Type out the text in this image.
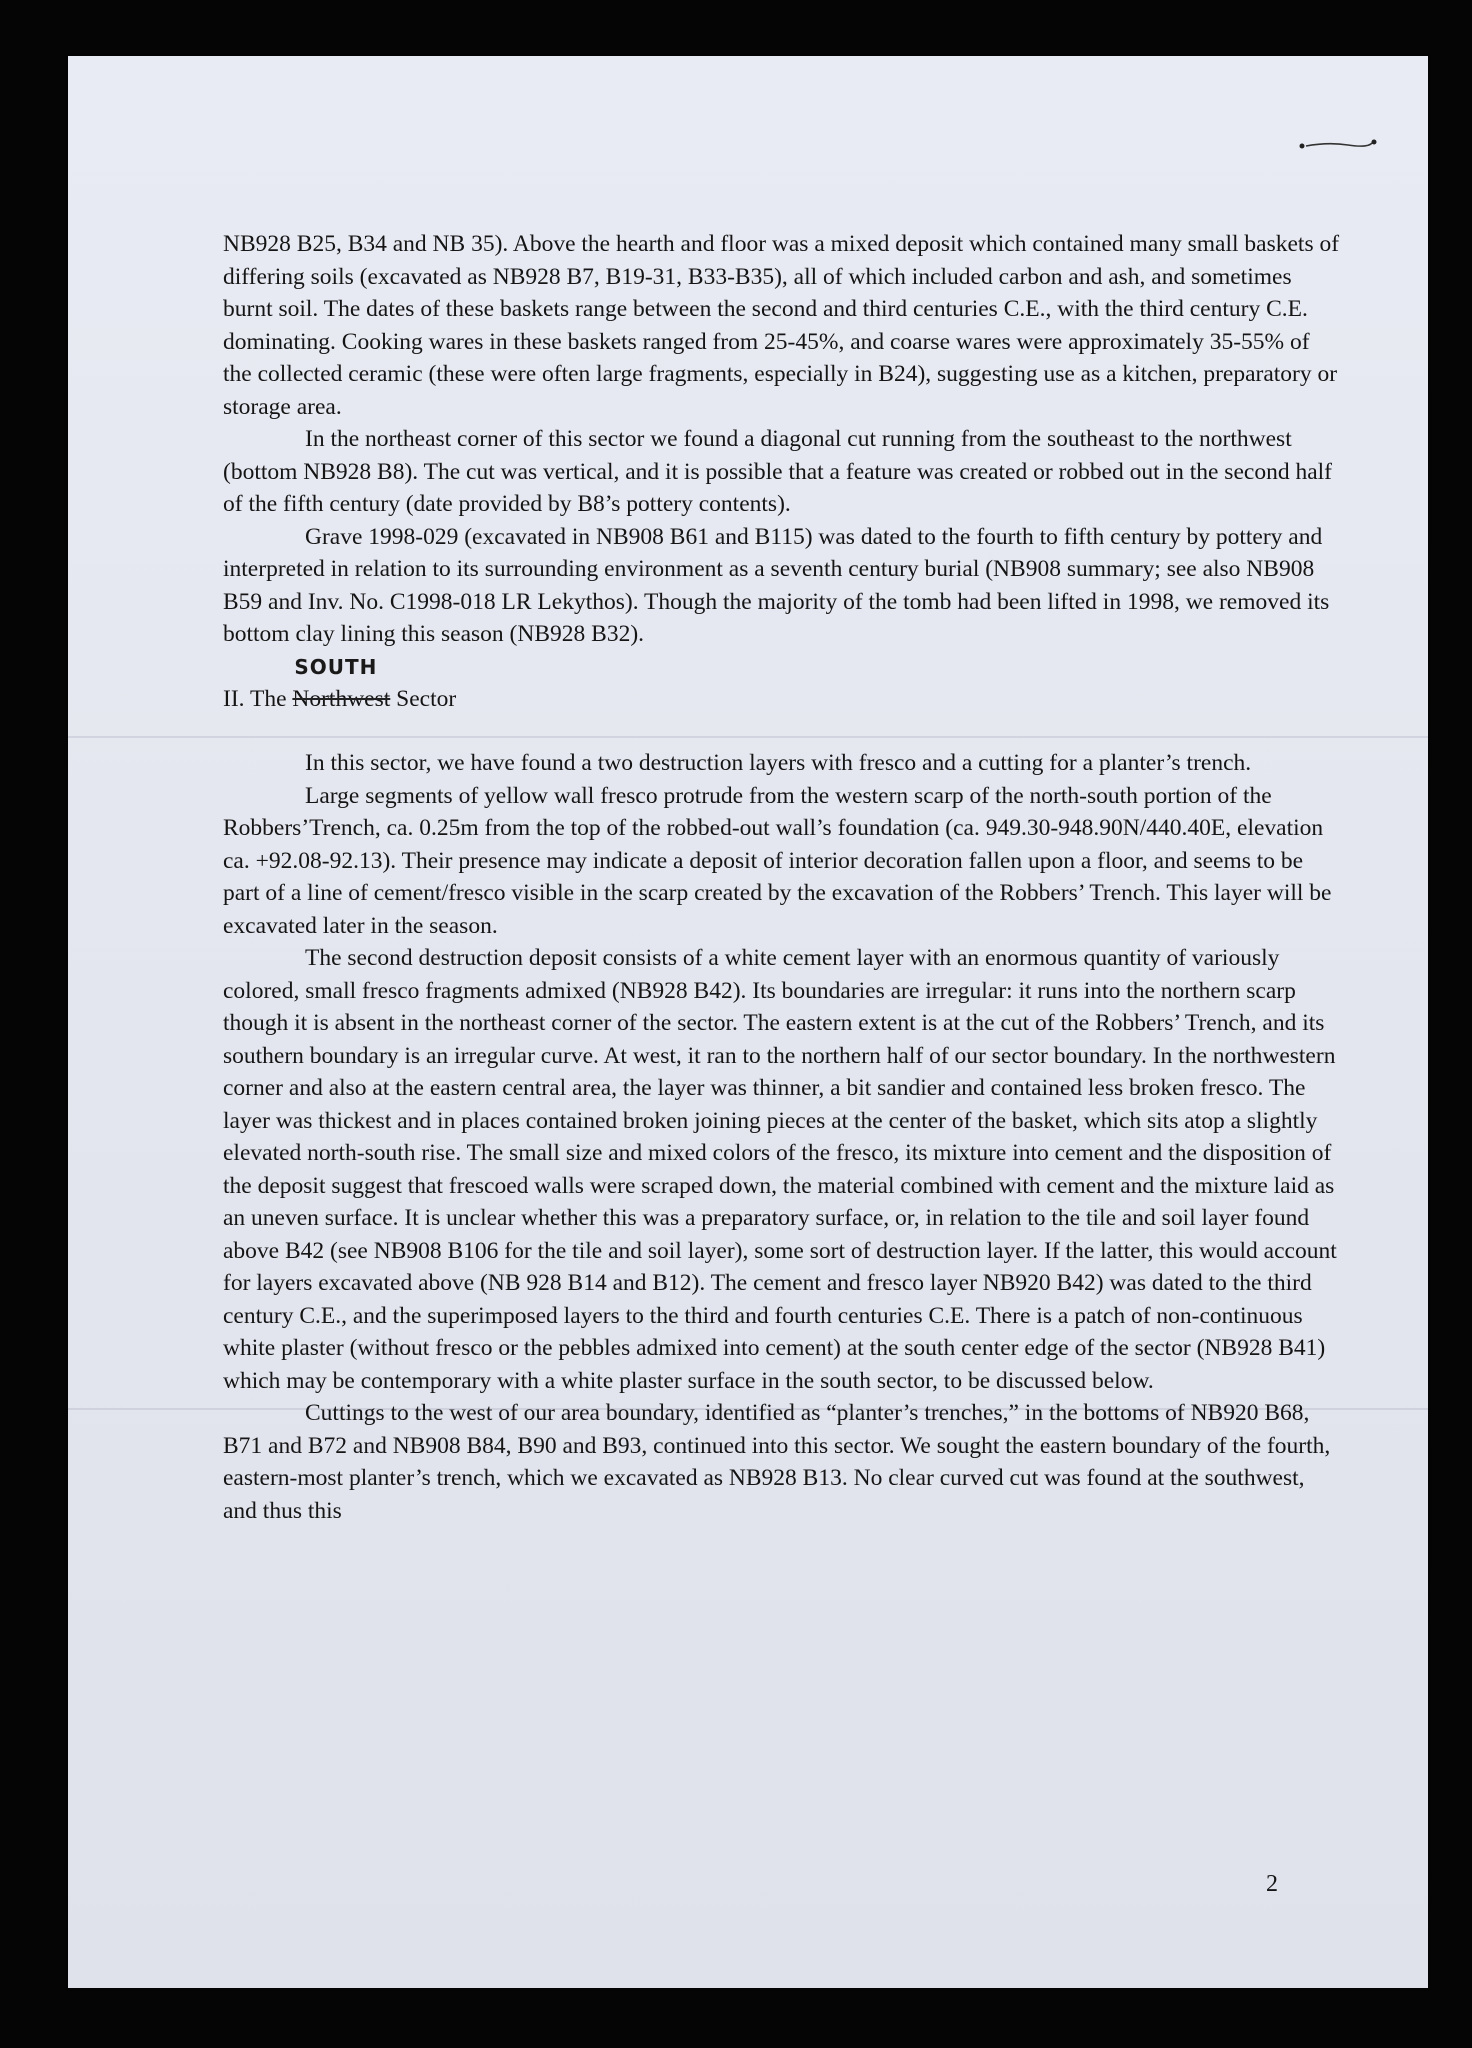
NB928 B25, B34 and NB 35). Above the hearth and floor was a mixed deposit which contained many small baskets of differing soils (excavated as NB928 B7, B19-31, B33-B35), all of which included carbon and ash, and sometimes burnt soil. The dates of these baskets range between the second and third centuries C.E., with the third century C.E. dominating. Cooking wares in these baskets ranged from 25-45%, and coarse wares were approximately 35-55% of the collected ceramic (these were often large fragments, especially in B24), suggesting use as a kitchen, preparatory or storage area.

In the northeast corner of this sector we found a diagonal cut running from the southeast to the northwest (bottom NB928 B8). The cut was vertical, and it is possible that a feature was created or robbed out in the second half of the fifth century (date provided by B8’s pottery contents).

Grave 1998-029 (excavated in NB908 B61 and B115) was dated to the fourth to fifth century by pottery and interpreted in relation to its surrounding environment as a seventh century burial (NB908 summary; see also NB908 B59 and Inv. No. C1998-018 LR Lekythos). Though the majority of the tomb had been lifted in 1998, we removed its bottom clay lining this season (NB928 B32).

II. The Northwest
SOUTH
Sector

In this sector, we have found a two destruction layers with fresco and a cutting for a planter’s trench.

Large segments of yellow wall fresco protrude from the western scarp of the north-south portion of the Robbers’Trench, ca. 0.25m from the top of the robbed-out wall’s foundation (ca. 949.30-948.90N/440.40E, elevation ca. +92.08-92.13). Their presence may indicate a deposit of interior decoration fallen upon a floor, and seems to be part of a line of cement/fresco visible in the scarp created by the excavation of the Robbers’ Trench. This layer will be excavated later in the season.

The second destruction deposit consists of a white cement layer with an enormous quantity of variously colored, small fresco fragments admixed (NB928 B42). Its boundaries are irregular: it runs into the northern scarp though it is absent in the northeast corner of the sector. The eastern extent is at the cut of the Robbers’ Trench, and its southern boundary is an irregular curve. At west, it ran to the northern half of our sector boundary. In the northwestern corner and also at the eastern central area, the layer was thinner, a bit sandier and contained less broken fresco. The layer was thickest and in places contained broken joining pieces at the center of the basket, which sits atop a slightly elevated north-south rise. The small size and mixed colors of the fresco, its mixture into cement and the disposition of the deposit suggest that frescoed walls were scraped down, the material combined with cement and the mixture laid as an uneven surface. It is unclear whether this was a preparatory surface, or, in relation to the tile and soil layer found above B42 (see NB908 B106 for the tile and soil layer), some sort of destruction layer. If the latter, this would account for layers excavated above (NB 928 B14 and B12). The cement and fresco layer NB920 B42) was dated to the third century C.E., and the superimposed layers to the third and fourth centuries C.E. There is a patch of non-continuous white plaster (without fresco or the pebbles admixed into cement) at the south center edge of the sector (NB928 B41) which may be contemporary with a white plaster surface in the south sector, to be discussed below.

Cuttings to the west of our area boundary, identified as “planter’s trenches,” in the bottoms of NB920 B68, B71 and B72 and NB908 B84, B90 and B93, continued into this sector. We sought the eastern boundary of the fourth, eastern-most planter’s trench, which we excavated as NB928 B13. No clear curved cut was found at the southwest, and thus this

2
